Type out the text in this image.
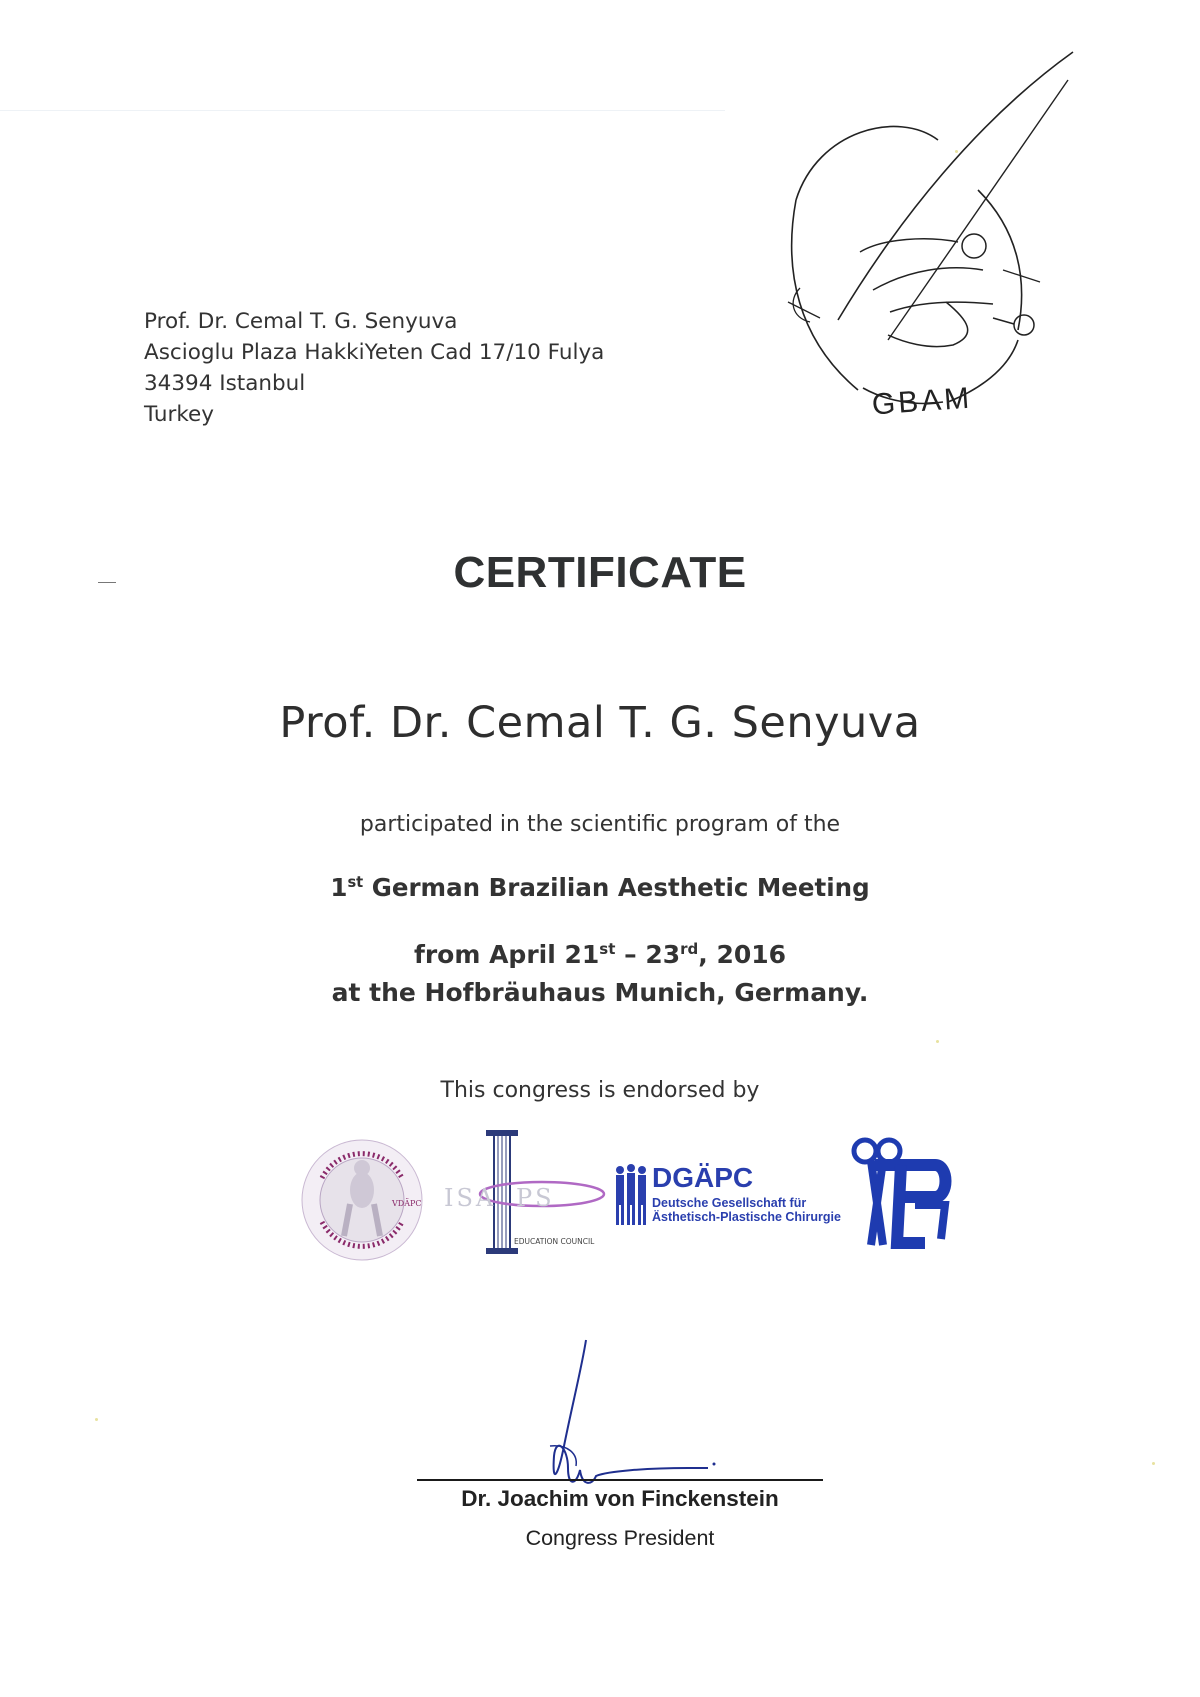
Prof. Dr. Cemal T. G. Senyuva
Ascioglu Plaza HakkiYeten Cad 17/10 Fulya
34394 Istanbul
Turkey	GBAM
CERTIFICATE
Prof. Dr. Cemal T. G. Senyuva
participated in the scientific program of the
1st German Brazilian Aesthetic Meeting
from April 21st – 23rd, 2016
at the Hofbräuhaus Munich, Germany.
This congress is endorsed by
VDÄPC ISA PS
EDUCATION COUNCIL
DGÄPC
Deutsche Gesellschaft für
Ästhetisch-Plastische Chirurgie
Dr. Joachim von Finckenstein
Congress President
